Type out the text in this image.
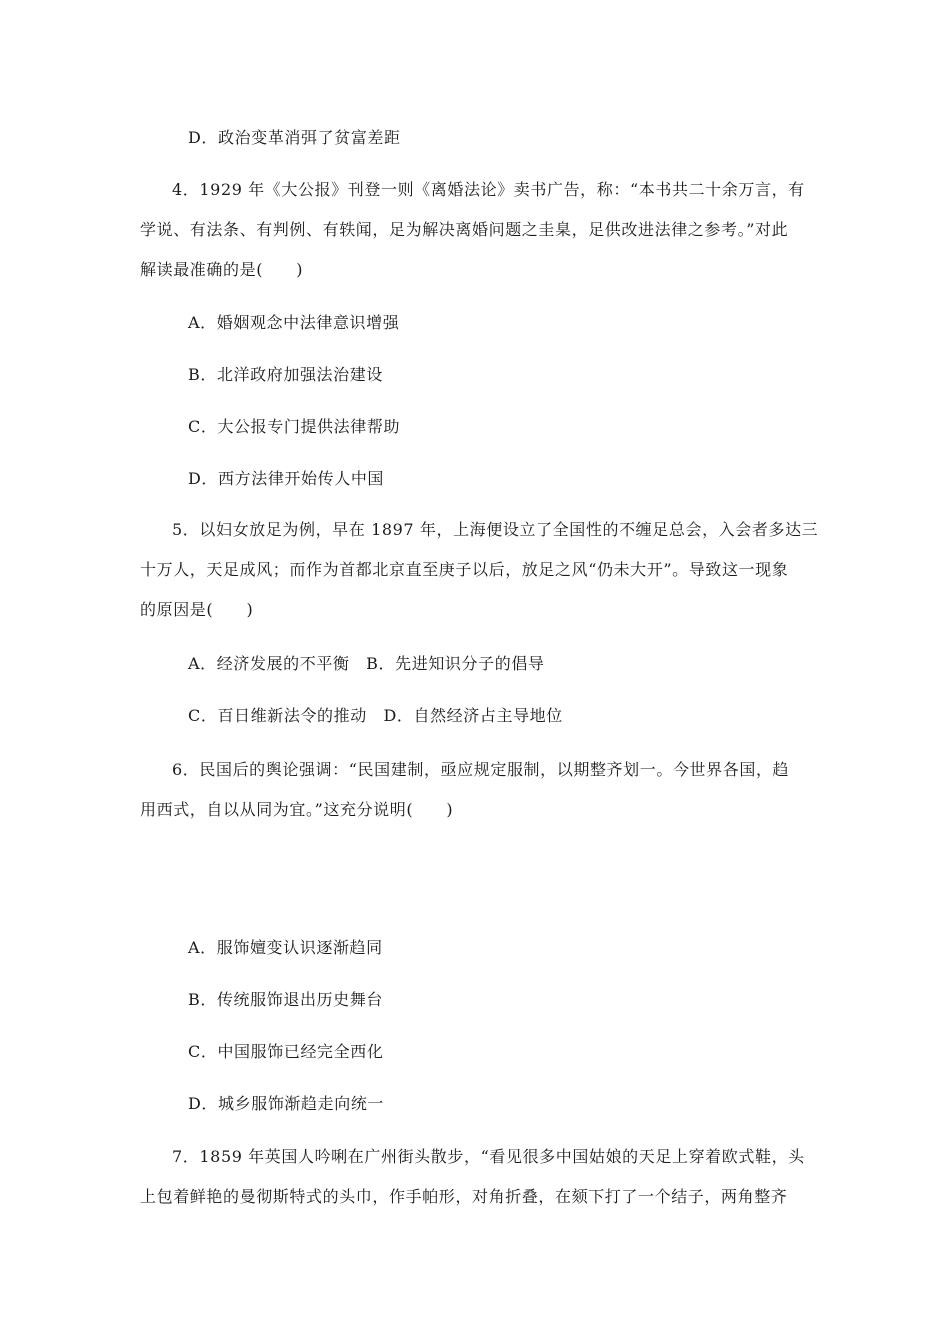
D．政治变革消弭了贫富差距
4．1929 年《大公报》刊登一则《离婚法论》卖书广告，称：“本书共二十余万言，有
学说、有法条、有判例、有轶闻，足为解决离婚问题之圭臬，足供改进法律之参考。”对此
解读最准确的是(　　)
A．婚姻观念中法律意识增强
B．北洋政府加强法治建设
C．大公报专门提供法律帮助
D．西方法律开始传人中国
5．以妇女放足为例，早在 1897 年，上海便设立了全国性的不缠足总会，入会者多达三
十万人，天足成风；而作为首都北京直至庚子以后，放足之风“仍未大开”。导致这一现象
的原因是(　　)
A．经济发展的不平衡　B．先进知识分子的倡导
C．百日维新法令的推动　D．自然经济占主导地位
6．民国后的舆论强调：“民国建制，亟应规定服制，以期整齐划一。今世界各国，趋
用西式，自以从同为宜。”这充分说明(　　)
A．服饰嬗变认识逐渐趋同
B．传统服饰退出历史舞台
C．中国服饰已经完全西化
D．城乡服饰渐趋走向统一
7．1859 年英国人吟唎在广州街头散步，“看见很多中国姑娘的天足上穿着欧式鞋，头
上包着鲜艳的曼彻斯特式的头巾，作手帕形，对角折叠，在颏下打了一个结子，两角整齐
